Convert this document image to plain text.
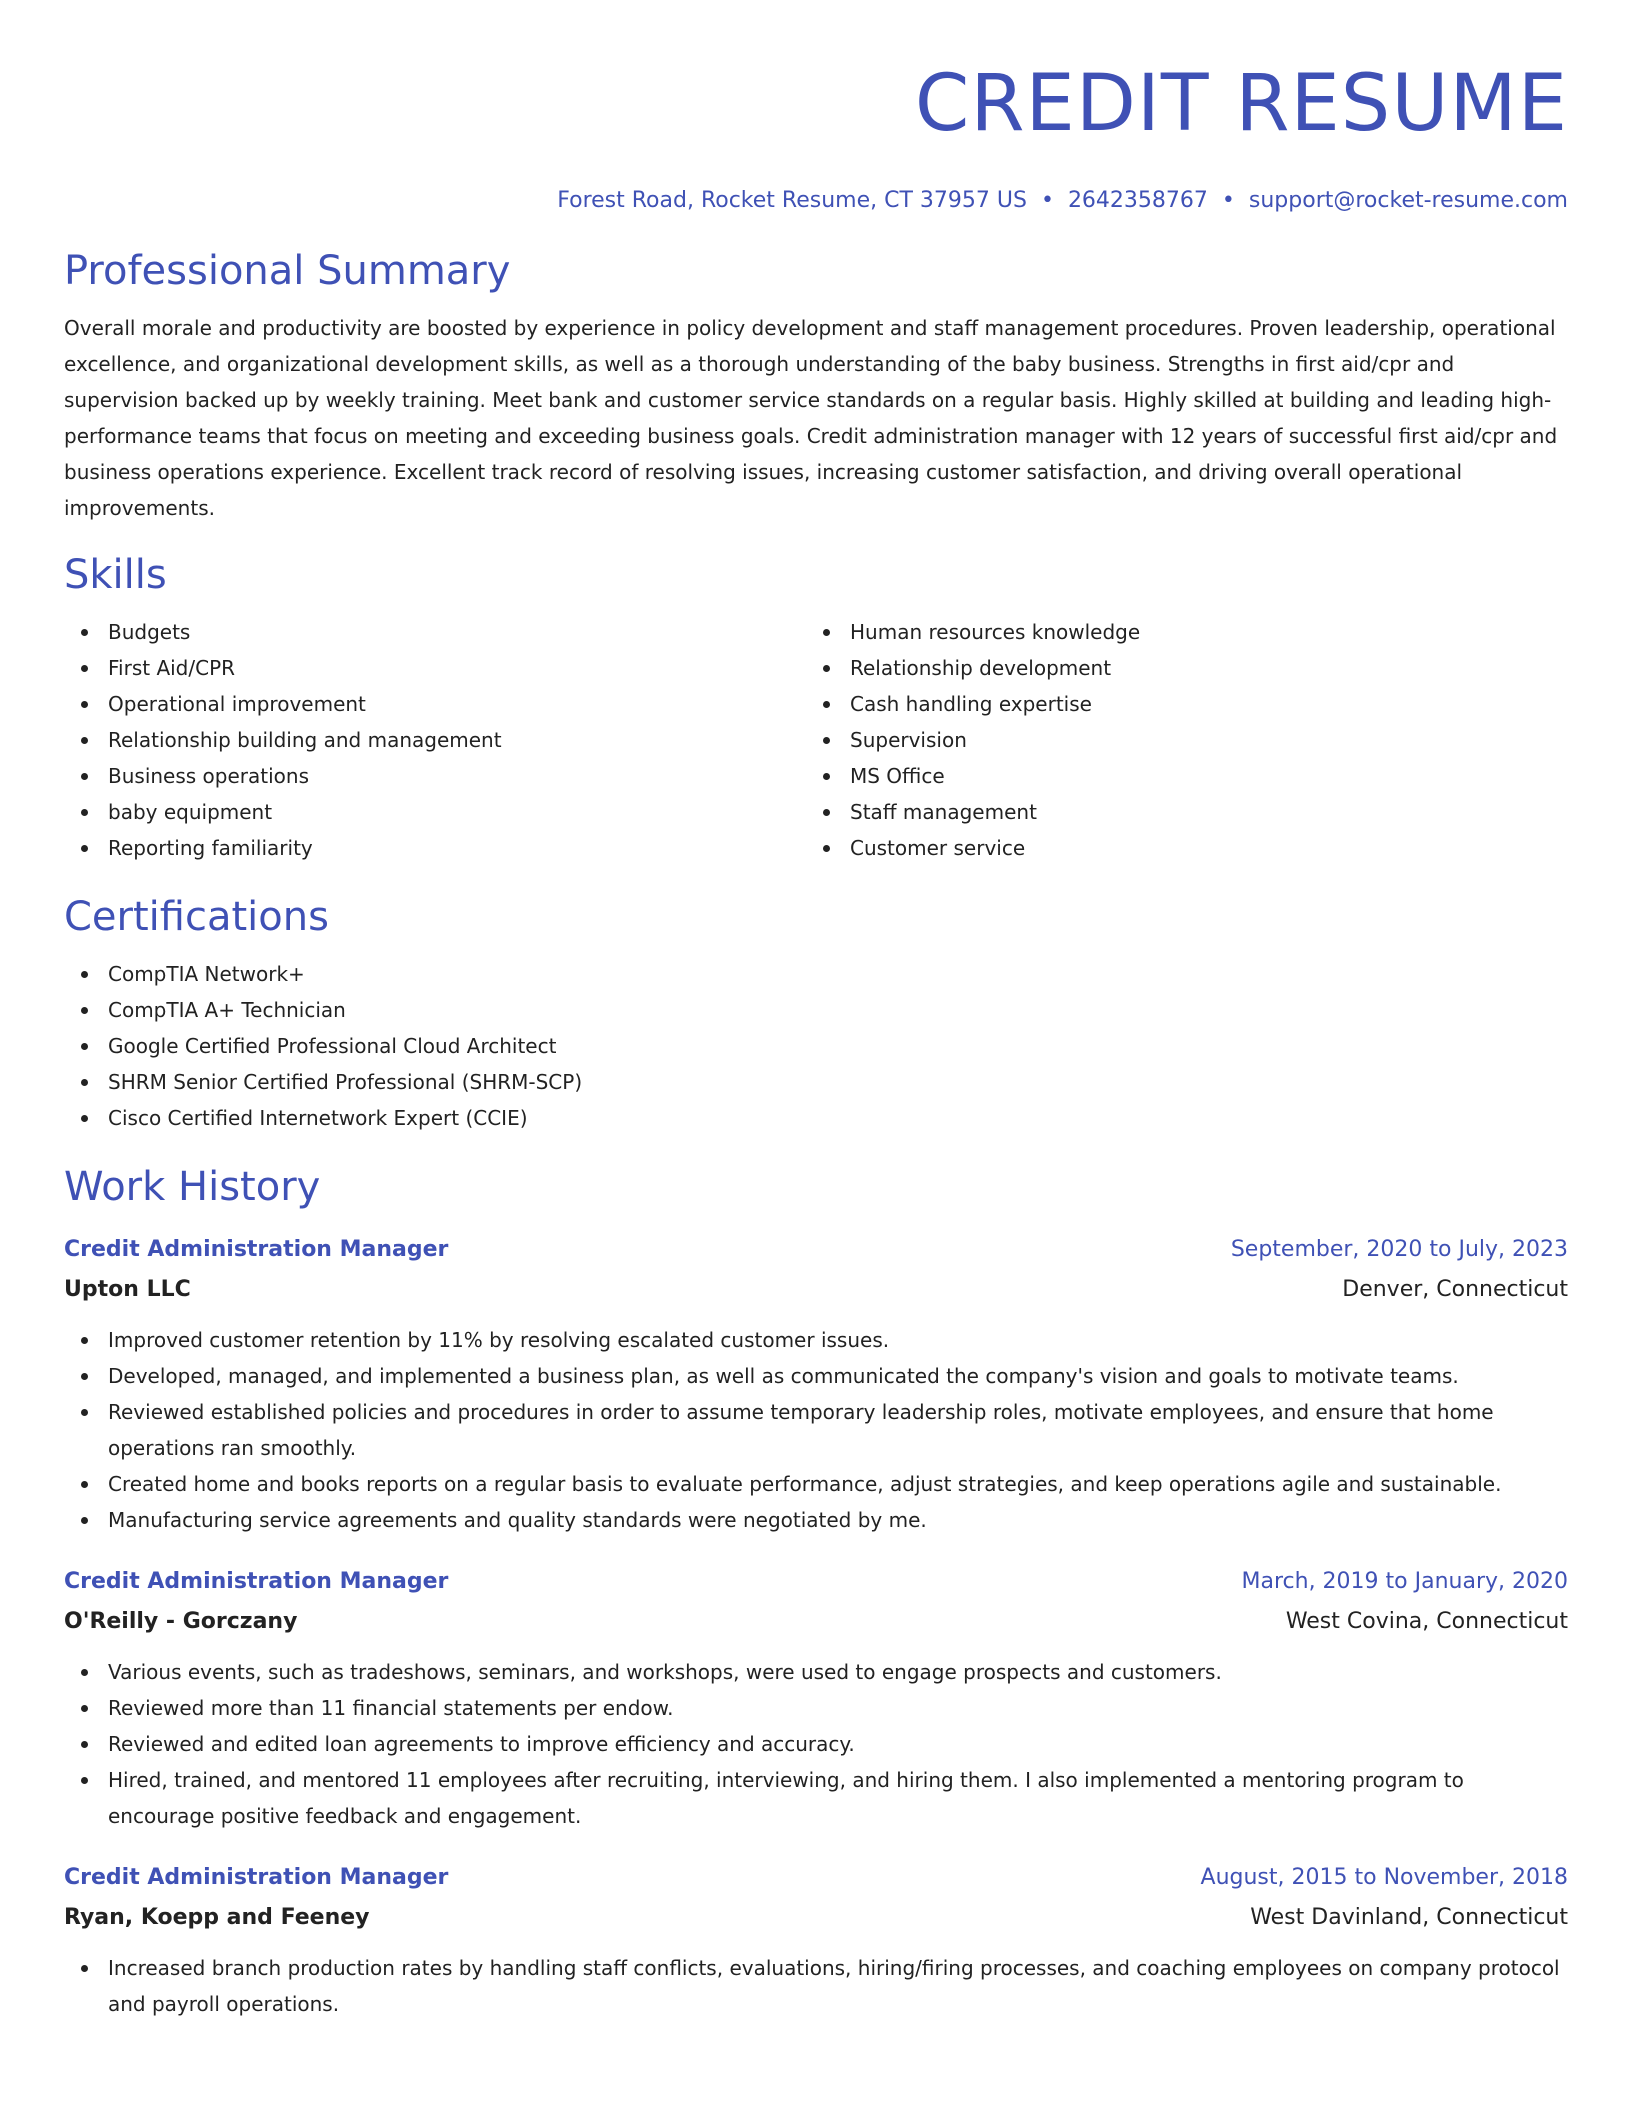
CREDIT RESUME
Forest Road, Rocket Resume, CT 37957 US • 2642358767 • support@rocket-resume.com
Professional Summary
Overall morale and productivity are boosted by experience in policy development and staff management procedures. Proven leadership, operational excellence, and organizational development skills, as well as a thorough understanding of the baby business. Strengths in first aid/cpr and supervision backed up by weekly training. Meet bank and customer service standards on a regular basis. Highly skilled at building and leading high-performance teams that focus on meeting and exceeding business goals. Credit administration manager with 12 years of successful first aid/cpr and business operations experience. Excellent track record of resolving issues, increasing customer satisfaction, and driving overall operational improvements.
Skills
Budgets
First Aid/CPR
Operational improvement
Relationship building and management
Business operations
baby equipment
Reporting familiarity
Human resources knowledge
Relationship development
Cash handling expertise
Supervision
MS Office
Staff management
Customer service
Certifications
CompTIA Network+
CompTIA A+ Technician
Google Certified Professional Cloud Architect
SHRM Senior Certified Professional (SHRM-SCP)
Cisco Certified Internetwork Expert (CCIE)
Work History
Credit Administration Manager	September, 2020 to July, 2023
Upton LLC	Denver, Connecticut
Improved customer retention by 11% by resolving escalated customer issues.
Developed, managed, and implemented a business plan, as well as communicated the company's vision and goals to motivate teams.
Reviewed established policies and procedures in order to assume temporary leadership roles, motivate employees, and ensure that home operations ran smoothly.
Created home and books reports on a regular basis to evaluate performance, adjust strategies, and keep operations agile and sustainable.
Manufacturing service agreements and quality standards were negotiated by me.
Credit Administration Manager	March, 2019 to January, 2020
O'Reilly - Gorczany	West Covina, Connecticut
Various events, such as tradeshows, seminars, and workshops, were used to engage prospects and customers.
Reviewed more than 11 financial statements per endow.
Reviewed and edited loan agreements to improve efficiency and accuracy.
Hired, trained, and mentored 11 employees after recruiting, interviewing, and hiring them. I also implemented a mentoring program to encourage positive feedback and engagement.
Credit Administration Manager	August, 2015 to November, 2018
Ryan, Koepp and Feeney	West Davinland, Connecticut
Increased branch production rates by handling staff conflicts, evaluations, hiring/firing processes, and coaching employees on company protocol and payroll operations.
